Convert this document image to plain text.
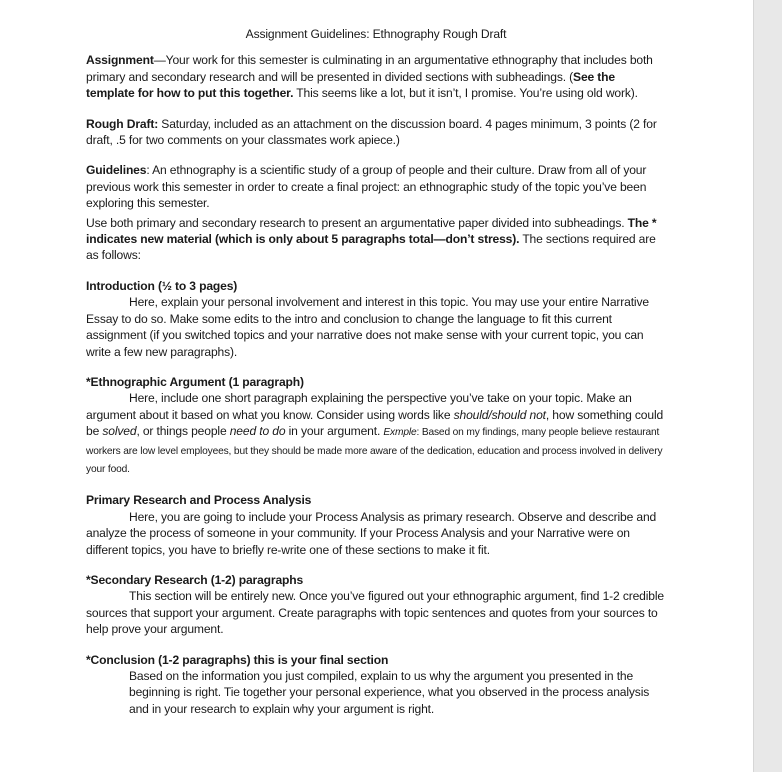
Assignment Guidelines: Ethnography Rough Draft

Assignment—Your work for this semester is culminating in an argumentative ethnography that includes both primary and secondary research and will be presented in divided sections with subheadings. (See the template for how to put this together. This seems like a lot, but it isn’t, I promise. You’re using old work).

Rough Draft: Saturday, included as an attachment on the discussion board. 4 pages minimum, 3 points (2 for draft, .5 for two comments on your classmates work apiece.)

Guidelines: An ethnography is a scientific study of a group of people and their culture. Draw from all of your previous work this semester in order to create a final project: an ethnographic study of the topic you’ve been exploring this semester.

Use both primary and secondary research to present an argumentative paper divided into subheadings. The * indicates new material (which is only about 5 paragraphs total—don’t stress). The sections required are as follows:

Introduction (½ to 3 pages)

Here, explain your personal involvement and interest in this topic. You may use your entire Narrative Essay to do so. Make some edits to the intro and conclusion to change the language to fit this current assignment (if you switched topics and your narrative does not make sense with your current topic, you can write a few new paragraphs).

*Ethnographic Argument (1 paragraph)

Here, include one short paragraph explaining the perspective you’ve take on your topic. Make an argument about it based on what you know. Consider using words like should/should not, how something could be solved, or things people need to do in your argument. Exmple: Based on my findings, many people believe restaurant workers are low level employees, but they should be made more aware of the dedication, education and process involved in delivery your food.

Primary Research and Process Analysis

Here, you are going to include your Process Analysis as primary research. Observe and describe and analyze the process of someone in your community. If your Process Analysis and your Narrative were on different topics, you have to briefly re-write one of these sections to make it fit.

*Secondary Research (1-2) paragraphs

This section will be entirely new. Once you’ve figured out your ethnographic argument, find 1-2 credible sources that support your argument. Create paragraphs with topic sentences and quotes from your sources to help prove your argument.

*Conclusion (1-2 paragraphs) this is your final section

Based on the information you just compiled, explain to us why the argument you presented in the beginning is right. Tie together your personal experience, what you observed in the process analysis and in your research to explain why your argument is right.
